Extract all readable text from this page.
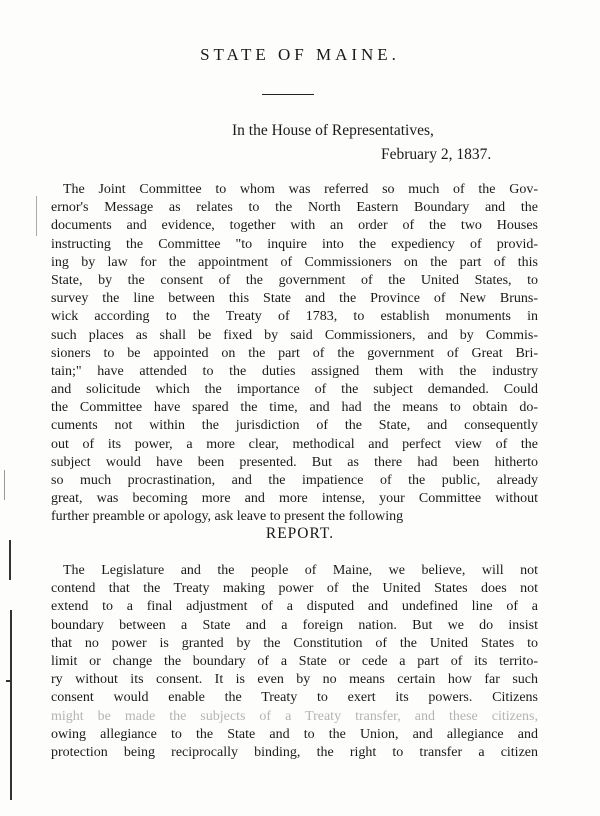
STATE OF MAINE.
In the House of Representatives,
February 2, 1837.
The Joint Committee to whom was referred so much of the Gov-
ernor's Message as relates to the North Eastern Boundary and the
documents and evidence, together with an order of the two Houses
instructing the Committee "to inquire into the expediency of provid-
ing by law for the appointment of Commissioners on the part of this
State, by the consent of the government of the United States, to
survey the line between this State and the Province of New Bruns-
wick according to the Treaty of 1783, to establish monuments in
such places as shall be fixed by said Commissioners, and by Commis-
sioners to be appointed on the part of the government of Great Bri-
tain;" have attended to the duties assigned them with the industry
and solicitude which the importance of the subject demanded. Could
the Committee have spared the time, and had the means to obtain do-
cuments not within the jurisdiction of the State, and consequently
out of its power, a more clear, methodical and perfect view of the
subject would have been presented. But as there had been hitherto
so much procrastination, and the impatience of the public, already
great, was becoming more and more intense, your Committee without
further preamble or apology, ask leave to present the following
REPORT.
The Legislature and the people of Maine, we believe, will not
contend that the Treaty making power of the United States does not
extend to a final adjustment of a disputed and undefined line of a
boundary between a State and a foreign nation. But we do insist
that no power is granted by the Constitution of the United States to
limit or change the boundary of a State or cede a part of its territo-
ry without its consent. It is even by no means certain how far such
consent would enable the Treaty to exert its powers. Citizens
might be made the subjects of a Treaty transfer, and these citizens,
owing allegiance to the State and to the Union, and allegiance and
protection being reciprocally binding, the right to transfer a citizen
